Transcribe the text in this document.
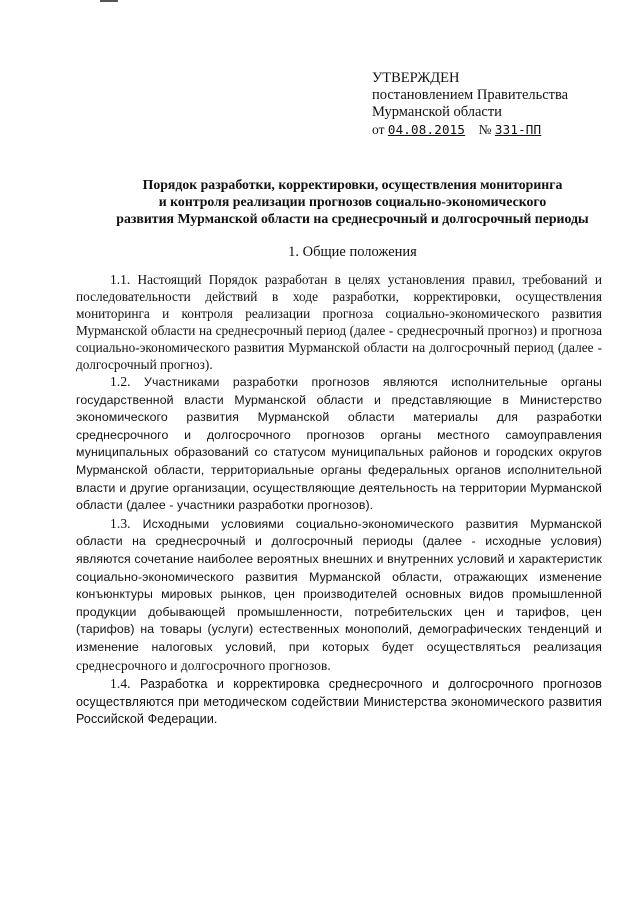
УТВЕРЖДЕН
постановлением Правительства
Мурманской области
от 04.08.2015 № 331-ПП
Порядок разработки, корректировки, осуществления мониторинга
и контроля реализации прогнозов социально-экономического
развития Мурманской области на среднесрочный и долгосрочный периоды
1. Общие положения

1.1. Настоящий Порядок разработан в целях установления правил, требований и последовательности действий в ходе разработки, корректировки, осуществления мониторинга и контроля реализации прогноза социально-экономического развития Мурманской области на среднесрочный период (далее - среднесрочный прогноз) и прогноза социально-экономического развития Мурманской области на долгосрочный период (далее - долгосрочный прогноз).

1.2. Участниками разработки прогнозов являются исполнительные органы государственной власти Мурманской области и представляющие в Министерство экономического развития Мурманской области материалы для разработки среднесрочного и долгосрочного прогнозов органы местного самоуправления муниципальных образований со статусом муниципальных районов и городских округов Мурманской области, территориальные органы федеральных органов исполнительной власти и другие организации, осуществляющие деятельность на территории Мурманской области (далее - участники разработки прогнозов).

1.3. Исходными условиями социально-экономического развития Мурманской области на среднесрочный и долгосрочный периоды (далее - исходные условия) являются сочетание наиболее вероятных внешних и внутренних условий и характеристик социально-экономического развития Мурманской области, отражающих изменение конъюнктуры мировых рынков, цен производителей основных видов промышленной продукции добывающей промышленности, потребительских цен и тарифов, цен (тарифов) на товары (услуги) естественных монополий, демографических тенденций и изменение налоговых условий, при которых будет осуществляться реализация среднесрочного и долгосрочного прогнозов.

1.4. Разработка и корректировка среднесрочного и долгосрочного прогнозов осуществляются при методическом содействии Министерства экономического развития Российской Федерации.
